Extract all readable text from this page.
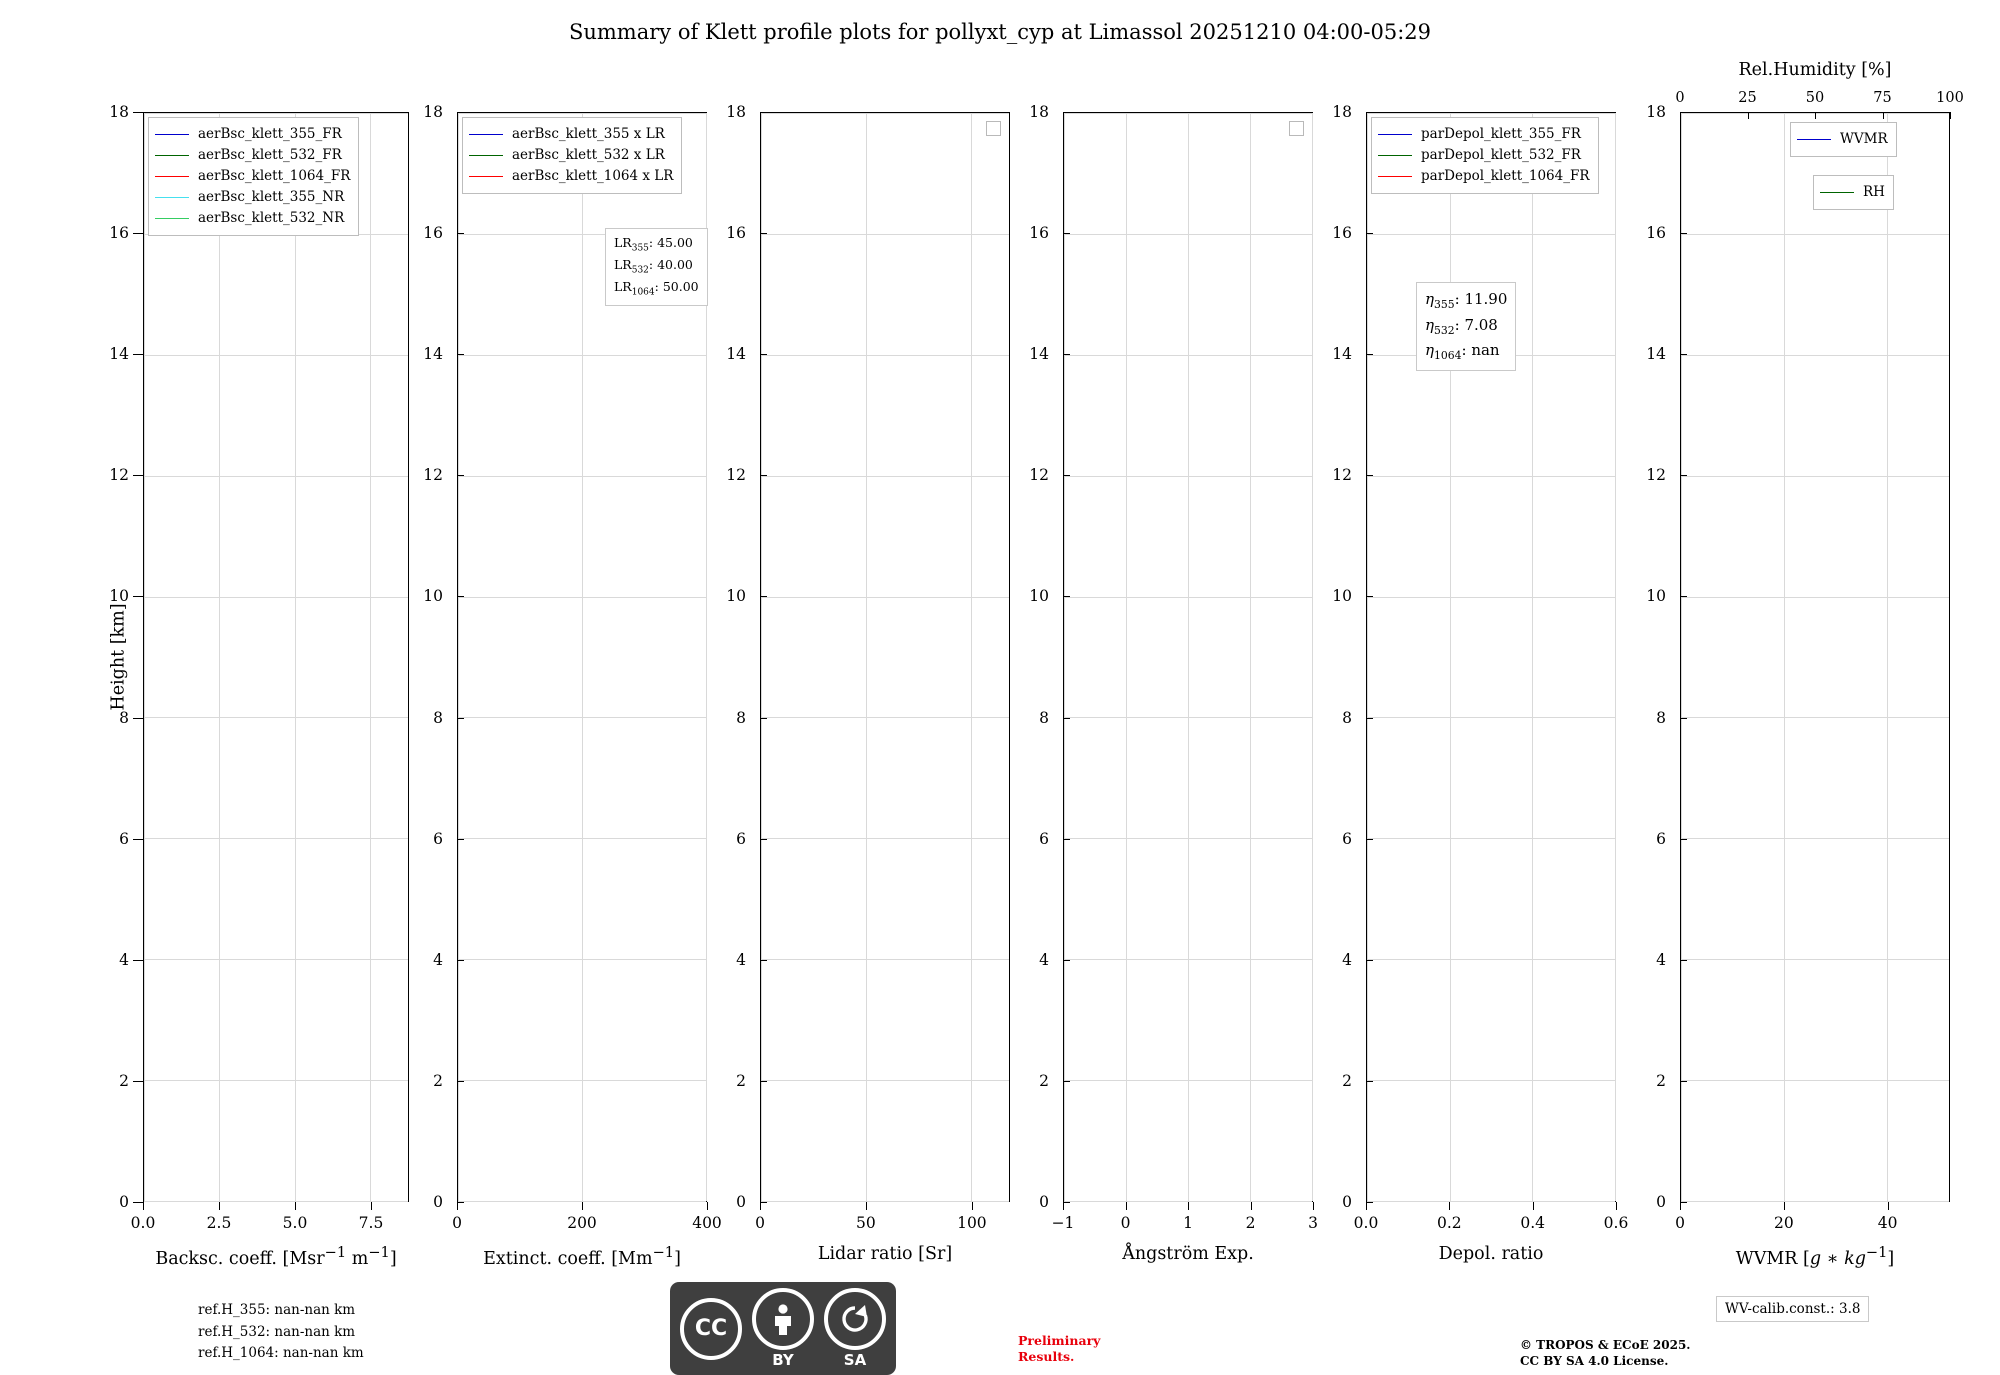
Summary of Klett profile plots for pollyxt_cyp at Limassol 20251210 04:00-05:29
Height [km]
0
2
4
6
8
10
12
14
16
18
0.0	2.5	5.0	7.5
Backsc. coeff. [Msr$^{-1}$ $m^{-1}$]
aerBsc_klett_355_FR
aerBsc_klett_532_FR
aerBsc_klett_1064_FR
aerBsc_klett_355_NR
aerBsc_klett_532_NR
0
2
4
6
8
10
12
14
16
18
0	200	400
Extinct. coeff. $[Mm^{-1}]$
aerBsc_klett_355 x LR
aerBsc_klett_532 x LR
aerBsc_klett_1064 x LR
$LR_{355}$: 45.00
$LR_{532}$: 40.00
$LR_{1064}$: 50.00
0
2
4
6
8
10
12
14
16
18
0	50	100
Lidar ratio [Sr]
0
2
4
6
8
10
12
14
16
18
−1	0	1	2	3
Ångström Exp.
0
2
4
6
8
10
12
14
16
18
0.0	0.2	0.4	0.6
Depol. ratio
parDepol_klett_355_FR
parDepol_klett_532_FR
parDepol_klett_1064_FR
$\eta_{355}$: 11.90
$\eta_{532}$: 7.08
$\eta_{1064}$: nan
Rel.Humidity [%]
0	25	50	75	100
0
2
4
6
8
10
12
14
16
18
0	20	40
WVMR [g ∗ $kg^{-1}$]
WVMR
RH
ref.H_355: nan-nan km
ref.H_532: nan-nan km
ref.H_1064: nan-nan km
CC
BY	SA
Preliminary
Results.
© TROPOS & ECoE 2025.
CC BY SA 4.0 License.
WV-calib.const.: 3.8
